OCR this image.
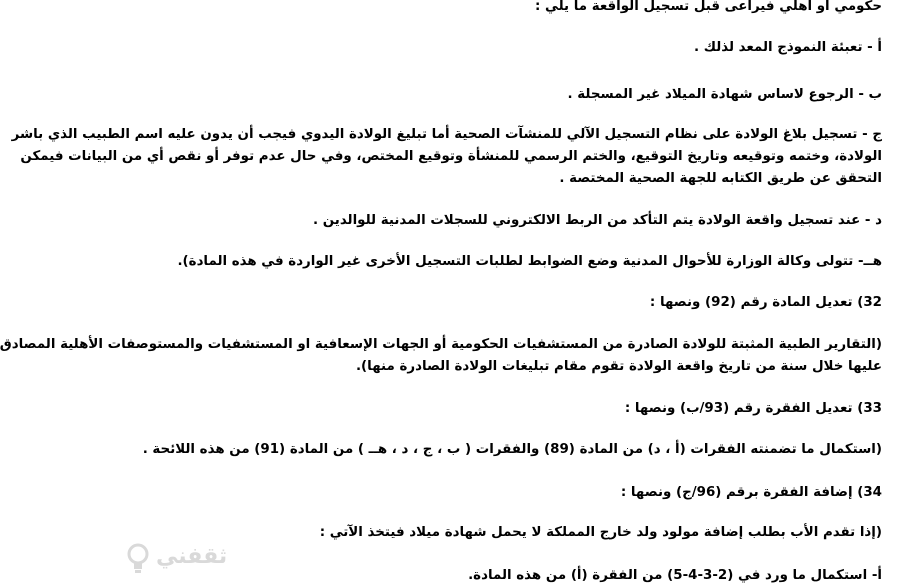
حكومي أو أهلي فيراعى قبل تسجيل الواقعة ما يلي :
أ - تعبئة النموذج المعد لذلك .
ب - الرجوع لاساس شهادة الميلاد غير المسجلة .
ج - تسجيل بلاغ الولادة على نظام التسجيل الآلي للمنشآت الصحية أما تبليغ الولادة اليدوي فيجب أن يدون عليه اسم الطبيب الذي باشر
الولادة، وختمه وتوقيعه وتاريخ التوقيع، والختم الرسمي للمنشأة وتوقيع المختص، وفي حال عدم توفر أو نقص أي من البيانات فيمكن
التحقق عن طريق الكتابه للجهة الصحية المختصة .
د - عند تسجيل واقعة الولادة يتم التأكد من الربط الالكتروني للسجلات المدنية للوالدين .
هــ- تتولى وكالة الوزارة للأحوال المدنية وضع الضوابط لطلبات التسجيل الأخرى غير الواردة في هذه المادة).
32) تعديل المادة رقم (92) ونصها :
(التقارير الطبية المثبتة للولادة الصادرة من المستشفيات الحكومية أو الجهات الإسعافية او المستشفيات والمستوصفات الأهلية المصادق
عليها خلال سنة من تاريخ واقعة الولادة تقوم مقام تبليغات الولادة الصادرة منها).
33) تعديل الفقرة رقم (93/ب) ونصها :
(استكمال ما تضمنته الفقرات (أ ، د) من المادة (89) والفقرات ( ب ، ج ، د ، هــ ) من المادة (91) من هذه اللائحة .
34) إضافة الفقرة برقم (96/ج) ونصها :
(إذا تقدم الأب بطلب إضافة مولود ولد خارج المملكة لا يحمل شهادة ميلاد فيتخذ الآتي :
أ- استكمال ما ورد في (2-3-4-5) من الفقرة (أ) من هذه المادة.
ثقفني
